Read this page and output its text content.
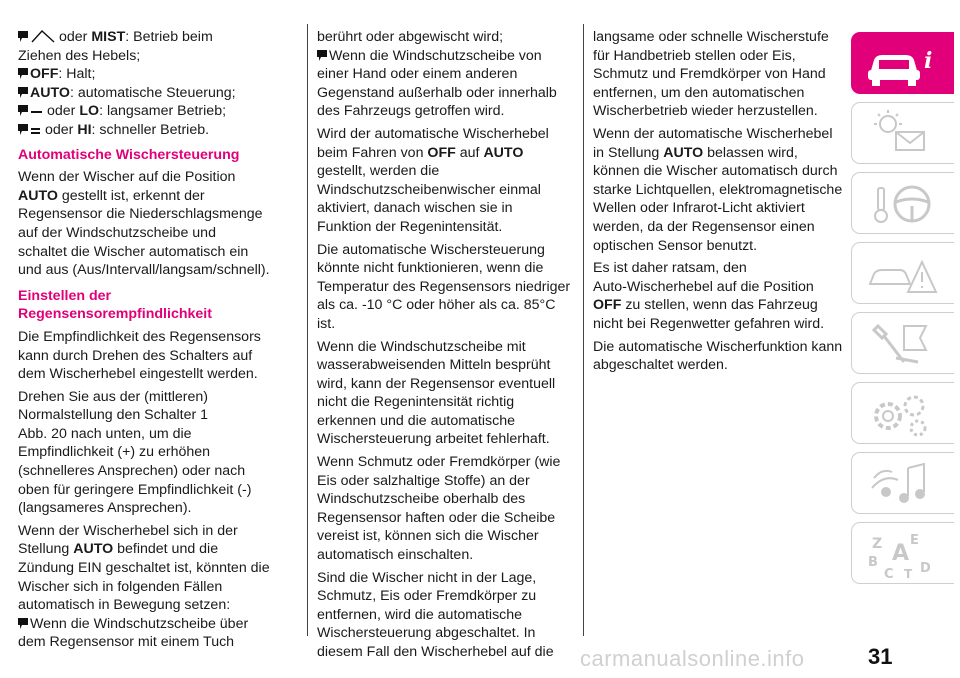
oder MIST: Betrieb beim
Ziehen des Hebels;
OFF: Halt;
AUTO: automatische Steuerung;
oder LO: langsamer Betrieb;
oder HI: schneller Betrieb.
Automatische Wischersteuerung
Wenn der Wischer auf die Position
AUTO gestellt ist, erkennt der
Regensensor die Niederschlagsmenge
auf der Windschutzscheibe und
schaltet die Wischer automatisch ein
und aus (Aus/Intervall/langsam/schnell).
Einstellen der
Regensensorempfindlichkeit
Die Empfindlichkeit des Regensensors
kann durch Drehen des Schalters auf
dem Wischerhebel eingestellt werden.
Drehen Sie aus der (mittleren)
Normalstellung den Schalter 1
Abb. 20 nach unten, um die
Empfindlichkeit (+) zu erhöhen
(schnelleres Ansprechen) oder nach
oben für geringere Empfindlichkeit (-)
(langsameres Ansprechen).
Wenn der Wischerhebel sich in der
Stellung AUTO befindet und die
Zündung EIN geschaltet ist, könnten die
Wischer sich in folgenden Fällen
automatisch in Bewegung setzen:
Wenn die Windschutzscheibe über
dem Regensensor mit einem Tuch
berührt oder abgewischt wird;
Wenn die Windschutzscheibe von
einer Hand oder einem anderen
Gegenstand außerhalb oder innerhalb
des Fahrzeugs getroffen wird.
Wird der automatische Wischerhebel
beim Fahren von OFF auf AUTO
gestellt, werden die
Windschutzscheibenwischer einmal
aktiviert, danach wischen sie in
Funktion der Regenintensität.
Die automatische Wischersteuerung
könnte nicht funktionieren, wenn die
Temperatur des Regensensors niedriger
als ca. -10 °C oder höher als ca. 85°C
ist.
Wenn die Windschutzscheibe mit
wasserabweisenden Mitteln besprüht
wird, kann der Regensensor eventuell
nicht die Regenintensität richtig
erkennen und die automatische
Wischersteuerung arbeitet fehlerhaft.
Wenn Schmutz oder Fremdkörper (wie
Eis oder salzhaltige Stoffe) an der
Windschutzscheibe oberhalb des
Regensensor haften oder die Scheibe
vereist ist, können sich die Wischer
automatisch einschalten.
Sind die Wischer nicht in der Lage,
Schmutz, Eis oder Fremdkörper zu
entfernen, wird die automatische
Wischersteuerung abgeschaltet. In
diesem Fall den Wischerhebel auf die
langsame oder schnelle Wischerstufe
für Handbetrieb stellen oder Eis,
Schmutz und Fremdkörper von Hand
entfernen, um den automatischen
Wischerbetrieb wieder herzustellen.
Wenn der automatische Wischerhebel
in Stellung AUTO belassen wird,
können die Wischer automatisch durch
starke Lichtquellen, elektromagnetische
Wellen oder Infrarot-Licht aktiviert
werden, da der Regensensor einen
optischen Sensor benutzt.
Es ist daher ratsam, den
Auto-Wischerhebel auf die Position
OFF zu stellen, wenn das Fahrzeug
nicht bei Regenwetter gefahren wird.
Die automatische Wischerfunktion kann
abgeschaltet werden.
i
Z E
B A
C T D
carmanualsonline.info	31
